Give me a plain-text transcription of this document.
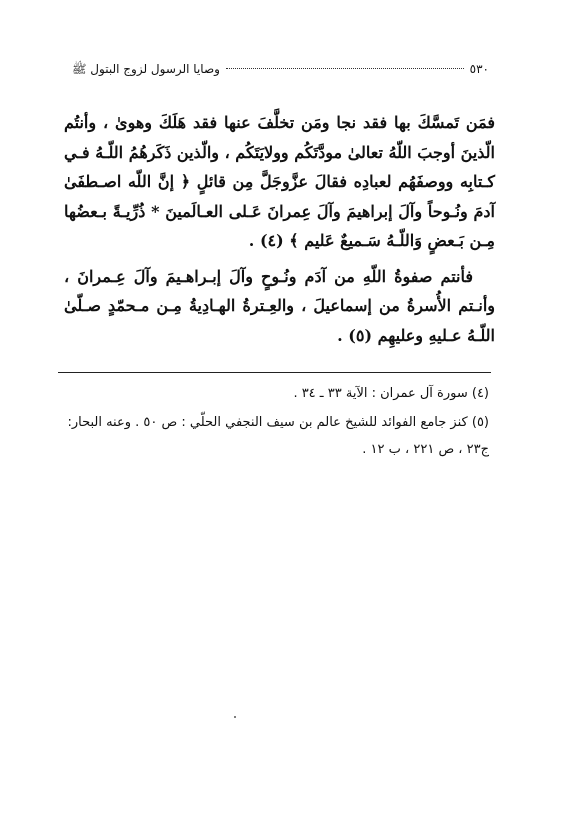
٥٣٠
وصايا الرسول لزوج البتول ﷺ

فمَن تَمسَّكَ بها فقد نجا ومَن تخلَّفَ عنها فقد هَلَكَ وهوىٰ ، وأنتُم الّذينَ أوجبَ اللّهُ تعالىٰ مودَّتَكُم وولايَتَكُم ، والّذين ذَكَرهُمُ اللّـهُ فـي كـتابِه ووصفَهُم لعبادِه فقالَ عزَّوجَلَّ مِن قائلٍ ﴿ إنَّ اللّه اصـطفَىٰ آدمَ ونُـوحاً وآلَ إبراهيمَ وآلَ عِمرانَ عَـلى العـالَمينَ * ذُرِّيـةً بـعضُها مِـن بَـعضٍ وَاللّـهُ سَـميعٌ عَليم ﴾ (٤) .

فأنتم صفوةُ اللّهِ من آدَم ونُـوحٍ وآلَ إبـراهـيمَ وآلَ عِـمرانَ ، وأنـتم الأُسرةُ من إسماعيلَ ، والعِـترةُ الهـادِيةُ مِـن مـحمّدٍ صـلّىٰ اللّـهُ عـليهِ وعليهِم (٥) .

(٤) سورة آل عمران : الآية ٣٣ ـ ٣٤ .

(٥) كنز جامع الفوائد للشيخ عالم بن سيف النجفي الحلّي : ص ٥٠ . وعنه البحار: ج٢٣ ، ص ٢٢١ ، ب ١٢ .
